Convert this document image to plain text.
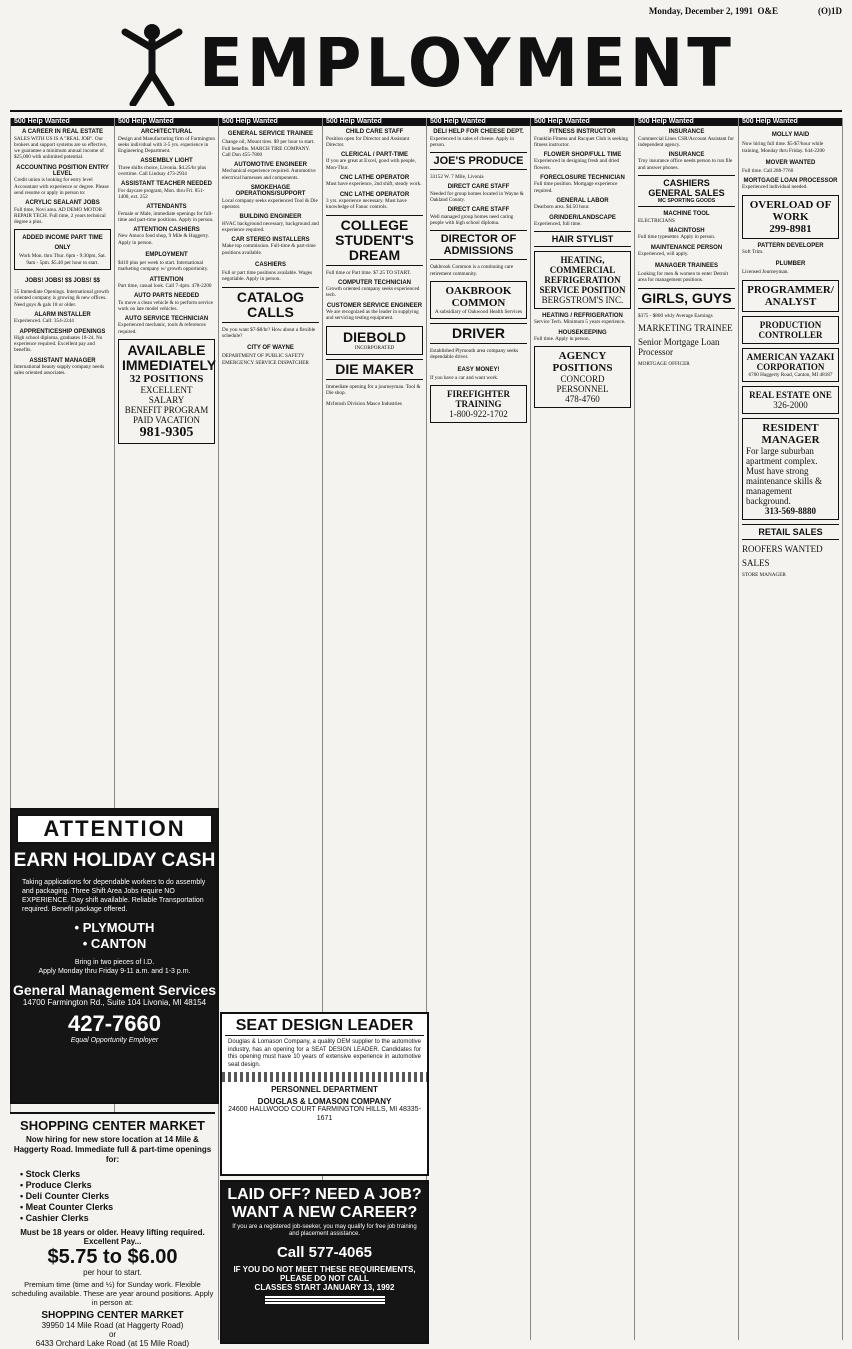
Monday, December 2, 1991 O&E	(O)1D
EMPLOYMENT
500 Help Wanted
A CAREER IN REAL ESTATE
SALES WITH US IS A "REAL JOB". Our brokers and support systems are so effective, we guarantee a minimum annual income of $25,000 with unlimited potential.
ACCOUNTING POSITION ENTRY LEVEL
Credit union is looking for entry level Accountant with experience or degree. Please send resume or apply in person to:
ACRYLIC SEALANT JOBS
Full time, Novi area. AD DEMO MOTOR REPAIR TECH. Full time, 2 years technical degree a plus.
ADDED INCOME PART TIME ONLY
Work Mon. thru Thur. 6pm - 9:30pm, Sat. 9am - 5pm. $5.40 per hour to start.
JOBS! JOBS! $$ JOBS! $$
35 Immediate Openings. International growth oriented company is growing & new offices. Need guys & gals 18 or older.
ALARM INSTALLER
Experienced. Call: 354-2244
APPRENTICESHIP OPENINGS
High school diploma, graduates 18-24. No experience required. Excellent pay and benefits.
ASSISTANT MANAGER
International beauty supply company needs sales oriented associates.
500 Help Wanted
ARCHITECTURAL
Design and Manufacturing firm of Farmington seeks individual with 3-5 yrs. experience in Engineering Department.
ASSEMBLY LIGHT
Three shifts choice, Livonia. $4.25/hr plus overtime. Call Lindsay 473-2934
ASSISTANT TEACHER NEEDED
For daycare program, Mon. thru Fri. 851-1400, ext. 252
ATTENDANTS
Female or Male, immediate openings for full-time and part-time positions. Apply in person.
ATTENTION CASHIERS
New Amoco food shop, 9 Mile & Haggerty. Apply in person.
EMPLOYMENT
$410 plus per week to start. International marketing company w/ growth opportunity.
ATTENTION
Part time, casual look. Call 7-4pm. 478-2200
AUTO PARTS NEEDED
To move a clean vehicle & to perform service work on late model vehicles.
AUTO SERVICE TECHNICIAN
Experienced mechanic, tools & references required.
AVAILABLE IMMEDIATELY
32 POSITIONS
EXCELLENT SALARY
BENEFIT PROGRAM
PAID VACATION
981-9305

500 Help Wanted
GENERAL SERVICE TRAINEE
Change oil, Mount tires. $9 per hour to start. Full benefits. MARCH TIRE COMPANY. Call Don 455-7800
AUTOMOTIVE ENGINEER
Mechanical experience required. Automotive electrical harnesses and components.
SMOKEHAGE OPERATIONS/SUPPORT
Local company seeks experienced Tool & Die operator.
BUILDING ENGINEER
HVAC background necessary, background and experience required.
CAR STEREO INSTALLERS
Make top commission. Full-time & part-time positions available.
CASHIERS
Full or part time positions available. Wages negotiable. Apply in person.
CATALOG CALLS
Do you want $7-$8/hr? How about a flexible schedule?
CITY OF WAYNE
DEPARTMENT OF PUBLIC SAFETY EMERGENCY SERVICE DISPATCHER
500 Help Wanted
CHILD CARE STAFF
Position open for Director and Assistant Director.
CLERICAL / PART-TIME
If you are great at Excel, good with people, Mon-Thur.
CNC LATHE OPERATOR
Must have experience, 2nd shift, steady work.
CNC LATHE OPERATOR
3 yrs. experience necessary. Must have knowledge of Fanuc controls.
COLLEGE STUDENT'S DREAM
Full time or Part time. $7.25 TO START.
COMPUTER TECHNICIAN
Growth oriented company seeks experienced tech.
CUSTOMER SERVICE ENGINEER
We are recognized as the leader in supplying and servicing testing equipment.
DIEBOLD
INCORPORATED
DIE MAKER
Immediate opening for a journeyman. Tool & Die shop.
McIntosh Division Masco Industries
500 Help Wanted
DELI HELP FOR CHEESE DEPT.
Experienced in sales of cheese. Apply in person.
JOE'S PRODUCE
33152 W. 7 Mile, Livonia
DIRECT CARE STAFF
Needed for group homes located in Wayne & Oakland County.
DIRECT CARE STAFF
Well managed group homes need caring people with high school diploma.
DIRECTOR OF ADMISSIONS
Oakbrook Common is a continuing care retirement community.
OAKBROOK COMMON
A subsidiary of Oakwood Health Services
DRIVER
Established Plymouth area company seeks dependable driver.
EASY MONEY!
If you have a car and want work.
FIREFIGHTER TRAINING
1-800-922-1702
500 Help Wanted
FITNESS INSTRUCTOR
Franklin Fitness and Racquet Club is seeking fitness instructor.
FLOWER SHOP/FULL TIME
Experienced in designing fresh and dried flowers.
FORECLOSURE TECHNICIAN
Full time position. Mortgage experience required.
GENERAL LABOR
Dearborn area. $4.50 hour.
GRINDER/LANDSCAPE
Experienced, full time.
HAIR STYLIST
HEATING, COMMERCIAL REFRIGERATION SERVICE POSITION
BERGSTROM'S INC.
HEATING / REFRIGERATION
Service Tech. Minimum 5 years experience.
HOUSEKEEPING
Full time. Apply in person.
AGENCY POSITIONS
CONCORD PERSONNEL
478-4760
500 Help Wanted
INSURANCE
Commercial Lines CSR/Account Assistant for independent agency.
INSURANCE
Troy insurance office needs person to run file and answer phones.
CASHIERS
GENERAL SALES
MC SPORTING GOODS
MACHINE TOOL
ELECTRICIANS
MACINTOSH
Full time typesetter. Apply in person.
MAINTENANCE PERSON
Experienced, will apply.
MANAGER TRAINEES
Looking for men & women to enter Detroit area for management positions.
GIRLS, GUYS
$375 - $800 wkly Average Earnings
MARKETING TRAINEE
Senior Mortgage Loan Processor
MORTGAGE OFFICER
500 Help Wanted
MOLLY MAID
Now hiring full time. $5-$7/hour while training, Monday thru Friday. 644-2200
MOVER WANTED
Full time. Call 288-7760
MORTGAGE LOAN PROCESSOR
Experienced individual needed.
OVERLOAD OF WORK
299-8981
PATTERN DEVELOPER
Soft Trim.
PLUMBER
Licensed Journeyman.
PROGRAMMER/ ANALYST
PRODUCTION CONTROLLER
AMERICAN YAZAKI CORPORATION
6700 Haggerty Road, Canton, MI 48187
REAL ESTATE ONE
326-2000
RESIDENT MANAGER
For large suburban apartment complex. Must have strong maintenance skills & management background.
313-569-8880
RETAIL SALES
ROOFERS WANTED
SALES
STORE MANAGER
ATTENTION
EARN HOLIDAY CASH
Taking applications for dependable workers to do assembly and packaging. Three Shift Area Jobs require NO EXPERIENCE. Day shift available. Reliable Transportation required. Benefit package offered.
• PLYMOUTH
• CANTON
Bring in two pieces of I.D.
Apply Monday thru Friday 9-11 a.m. and 1-3 p.m.
General Management Services
14700 Farmington Rd., Suite 104 Livonia, MI 48154
427-7660
Equal Opportunity Employer
SHOPPING CENTER MARKET
Now hiring for new store location at 14 Mile & Haggerty Road. Immediate full & part-time openings for:
• Stock Clerks
• Produce Clerks
• Deli Counter Clerks
• Meat Counter Clerks
• Cashier Clerks
Must be 18 years or older. Heavy lifting required. Excellent Pay...
$5.75 to $6.00
per hour to start.
Premium time (time and ½) for Sunday work. Flexible scheduling available. These are year around positions. Apply in person at:
SHOPPING CENTER MARKET
39950 14 Mile Road (at Haggerty Road)
or
6433 Orchard Lake Road (at 15 Mile Road)
SEAT DESIGN LEADER
Douglas & Lomason Company, a quality OEM supplier to the automotive industry, has an opening for a SEAT DESIGN LEADER. Candidates for this opening must have 10 years of extensive experience in automotive seat design.
PERSONNEL DEPARTMENT
DOUGLAS & LOMASON COMPANY
24600 HALLWOOD COURT FARMINGTON HILLS, MI 48335-1671
LAID OFF? NEED A JOB? WANT A NEW CAREER?
If you are a registered job-seeker, you may qualify for free job training and placement assistance.
Call 577-4065
IF YOU DO NOT MEET THESE REQUIREMENTS, PLEASE DO NOT CALL
CLASSES START JANUARY 13, 1992
